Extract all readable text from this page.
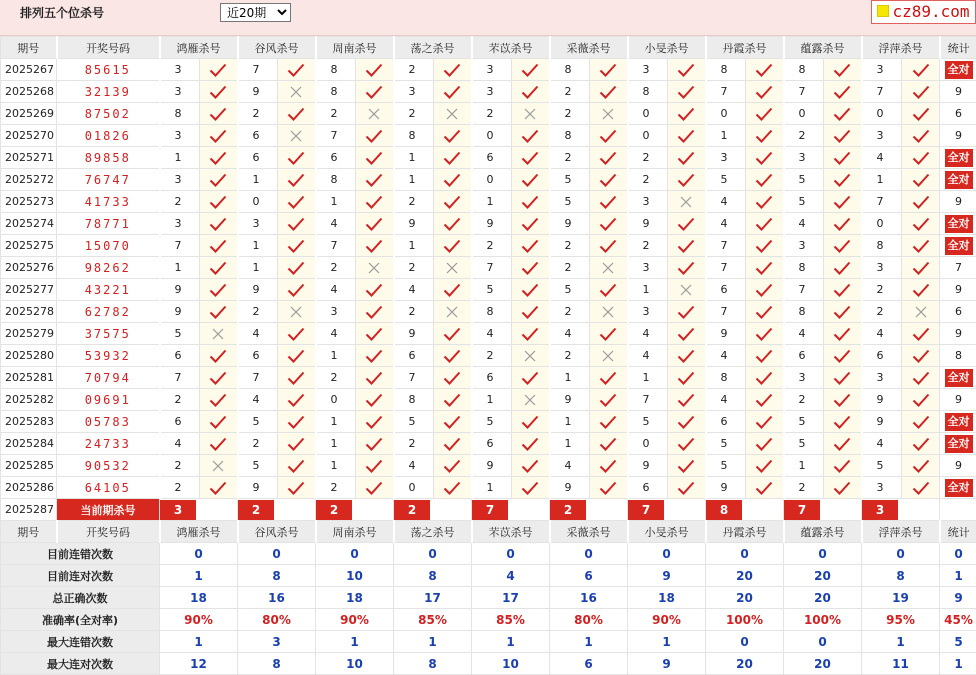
排列五个位杀号
近20期	cz89.com
期号	开奖号码	鸿雁杀号		谷风杀号		周南杀号		荡之杀号		芣苡杀号		采薇杀号		小旻杀号		丹霞杀号		蕴露杀号		浮萍杀号		统计
2025267	85615	3		7		8		2		3		8		3		8		8		3		全对
2025268	32139	3		9		8		3		3		2		8		7		7		7		9
2025269	87502	8		2		2		2		2		2		0		0		0		0		6
2025270	01826	3		6		7		8		0		8		0		1		2		3		9
2025271	89858	1		6		6		1		6		2		2		3		3		4		全对
2025272	76747	3		1		8		1		0		5		2		5		5		1		全对
2025273	41733	2		0		1		2		1		5		3		4		5		7		9
2025274	78771	3		3		4		9		9		9		9		4		4		0		全对
2025275	15070	7		1		7		1		2		2		2		7		3		8		全对
2025276	98262	1		1		2		2		7		2		3		7		8		3		7
2025277	43221	9		9		4		4		5		5		1		6		7		2		9
2025278	62782	9		2		3		2		8		2		3		7		8		2		6
2025279	37575	5		4		4		9		4		4		4		9		4		4		9
2025280	53932	6		6		1		6		2		2		4		4		6		6		8
2025281	70794	7		7		2		7		6		1		1		8		3		3		全对
2025282	09691	2		4		0		8		1		9		7		4		2		9		9
2025283	05783	6		5		1		5		5		1		5		6		5		9		全对
2025284	24733	4		2		1		2		6		1		0		5		5		4		全对
2025285	90532	2		5		1		4		9		4		9		5		1		5		9
2025286	64105	2		9		2		0		1		9		6		9		2		3		全对
2025287	当前期杀号	3		2		2		2		7		2		7		8		7		3		
期号	开奖号码	鸿雁杀号		谷风杀号		周南杀号		荡之杀号		芣苡杀号		采薇杀号		小旻杀号		丹霞杀号		蕴露杀号		浮萍杀号		统计
目前连错次数		0		0		0		0		0		0		0		0		0		0		0
目前连对次数		1		8		10		8		4		6		9		20		20		8		1
总正确次数		18		16		18		17		17		16		18		20		20		19		9
准确率(全对率)		90%		80%		90%		85%		85%		80%		90%		100%		100%		95%		45%
最大连错次数		1		3		1		1		1		1		1		0		0		1		5
最大连对次数		12		8		10		8		10		6		9		20		20		11		1
